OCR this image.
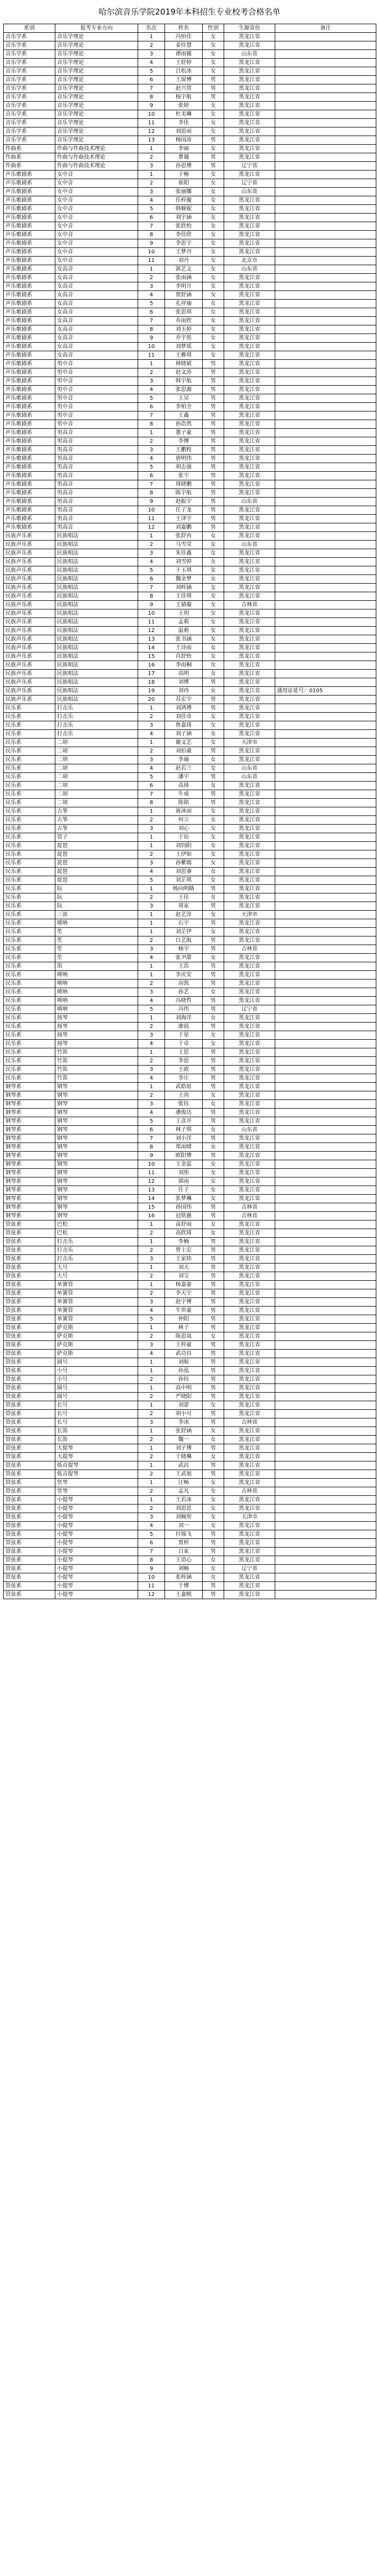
哈尔滨音乐学院2019年本科招生专业校考合格名单
系别	报考专业方向	名次	姓名	性别	生源省份	备注
音乐学系	音乐学理论	1	冯怡佳	女	黑龙江省	
音乐学系	音乐学理论	2	姜佳慧	女	黑龙江省	
音乐学系	音乐学理论	3	谭雨薇	女	山东省	
音乐学系	音乐学理论	4	王舒婷	女	黑龙江省	
音乐学系	音乐学理论	5	吕松冰	女	黑龙江省	
音乐学系	音乐学理论	6	王琼博	男	黑龙江省	
音乐学系	音乐学理论	7	赵兴贺	男	黑龙江省	
音乐学系	音乐学理论	8	杨宇航	男	黑龙江省	
音乐学系	音乐学理论	9	张婷	女	黑龙江省	
音乐学系	音乐学理论	10	杜美琳	女	黑龙江省	
音乐学系	音乐学理论	11	李佳	女	黑龙江省	
音乐学系	音乐学理论	12	刘思雨	女	黑龙江省	
音乐学系	音乐学理论	13	杨国涛	男	黑龙江省	
作曲系	作曲与作曲技术理论	1	李丽	女	黑龙江省	
作曲系	作曲与作曲技术理论	2	曹越	男	黑龙江省	
作曲系	作曲与作曲技术理论	3	孙思博	男	辽宁省	
声乐歌剧系	女中音	1	于畅	女	黑龙江省	
声乐歌剧系	女中音	2	崔阳	女	辽宁省	
声乐歌剧系	女中音	3	张丽娜	女	山东省	
声乐歌剧系	女中音	4	任梓璇	女	黑龙江省	
声乐歌剧系	女中音	5	韩婉妮	女	黑龙江省	
声乐歌剧系	女中音	6	刘宇涵	女	黑龙江省	
声乐歌剧系	女中音	7	张欣怡	女	黑龙江省	
声乐歌剧系	女中音	8	李佳欣	女	黑龙江省	
声乐歌剧系	女中音	9	李思宇	女	黑龙江省	
声乐歌剧系	女中音	10	王梦丹	女	黑龙江省	
声乐歌剧系	女中音	11	刘丹	女	北京市	
声乐歌剧系	女高音	1	郭艺文	女	山东省	
声乐歌剧系	女高音	2	张雨涵	女	黑龙江省	
声乐歌剧系	女高音	3	李明月	女	黑龙江省	
声乐歌剧系	女高音	4	贾舒涵	女	黑龙江省	
声乐歌剧系	女高音	5	孔祥瑜	女	黑龙江省	
声乐歌剧系	女高音	6	张思琪	女	黑龙江省	
声乐歌剧系	女高音	7	乔雨欣	女	黑龙江省	
声乐歌剧系	女高音	8	刘玉婷	女	黑龙江省	
声乐歌剧系	女高音	9	乔宇彤	女	黑龙江省	
声乐歌剧系	女高音	10	刘梦瑶	女	黑龙江省	
声乐歌剧系	女高音	11	王雅琪	女	黑龙江省	
声乐歌剧系	男中音	1	林晓斌	男	黑龙江省	
声乐歌剧系	男中音	2	赵文涛	男	黑龙江省	
声乐歌剧系	男中音	3	韩宇航	男	黑龙江省	
声乐歌剧系	男中音	4	张思源	男	黑龙江省	
声乐歌剧系	男中音	5	王昊	男	黑龙江省	
声乐歌剧系	男中音	6	李柏全	男	黑龙江省	
声乐歌剧系	男中音	7	王鑫	男	黑龙江省	
声乐歌剧系	男中音	8	孙浩然	男	黑龙江省	
声乐歌剧系	男高音	1	董子豪	男	黑龙江省	
声乐歌剧系	男高音	2	李博	男	黑龙江省	
声乐歌剧系	男高音	3	王鹏程	男	黑龙江省	
声乐歌剧系	男高音	4	唐明伟	男	黑龙江省	
声乐歌剧系	男高音	5	胡志强	男	黑龙江省	
声乐歌剧系	男高音	6	张宇	男	黑龙江省	
声乐歌剧系	男高音	7	周晓鹏	男	黑龙江省	
声乐歌剧系	男高音	8	陈宇航	男	黑龙江省	
声乐歌剧系	男高音	9	赵振宇	男	山东省	
声乐歌剧系	男高音	10	任子龙	男	黑龙江省	
声乐歌剧系	男高音	11	王泽宇	男	黑龙江省	
声乐歌剧系	男高音	12	刘嘉鹏	男	黑龙江省	
民族声乐系	民族唱法	1	张舒冉	女	黑龙江省	
民族声乐系	民族唱法	2	马雪莹	女	山东省	
民族声乐系	民族唱法	3	朱佳鑫	女	黑龙江省	
民族声乐系	民族唱法	4	刘雪婷	女	黑龙江省	
民族声乐系	民族唱法	5	于玉琪	女	黑龙江省	
民族声乐系	民族唱法	6	魏金梦	女	黑龙江省	
民族声乐系	民族唱法	7	刘梓涵	女	黑龙江省	
民族声乐系	民族唱法	8	王佳琪	女	黑龙江省	
民族声乐系	民族唱法	9	王婧璇	女	吉林省	
民族声乐系	民族唱法	10	王玥	女	黑龙江省	
民族声乐系	民族唱法	11	孟莉	女	黑龙江省	
民族声乐系	民族唱法	12	温莉	女	黑龙江省	
民族声乐系	民族唱法	13	张书涵	女	黑龙江省	
民族声乐系	民族唱法	14	王诗雨	女	黑龙江省	
民族声乐系	民族唱法	15	肖舒怡	女	黑龙江省	
民族声乐系	民族唱法	16	李雨桐	女	黑龙江省	
民族声乐系	民族唱法	17	高明	女	黑龙江省	
民族声乐系	民族唱法	18	刘博	男	黑龙江省	
民族声乐系	民族唱法	19	刘冉	女	黑龙江省	通用证延号：0105
民族声乐系	民族唱法	20	苏宏宇	男	黑龙江省	
民乐系	打击乐	1	刘鸿博	男	黑龙江省	
民乐系	打击乐	2	刘佳奇	女	黑龙江省	
民乐系	打击乐	3	鲁嘉琦	女	黑龙江省	
民乐系	打击乐	4	刘子涵	女	黑龙江省	
民乐系	二胡	1	谢文艺	女	天津市	
民乐系	二胡	2	刘伯豪	男	黑龙江省	
民乐系	二胡	3	李瑜	女	黑龙江省	
民乐系	二胡	4	赵若兰	女	山东省	
民乐系	二胡	5	潘宇	男	山东省	
民乐系	二胡	6	高琦	女	黑龙江省	
民乐系	二胡	7	牛成	男	黑龙江省	
民乐系	二胡	8	陈铭	男	黑龙江省	
民乐系	古筝	1	蒋沐雨	女	黑龙江省	
民乐系	古筝	2	何立	女	黑龙江省	
民乐系	古筝	3	刘心	女	黑龙江省	
民乐系	管子	1	于宸	女	黑龙江省	
民乐系	琵琶	1	刘钧阳	女	黑龙江省	
民乐系	琵琶	2	王伊如	女	黑龙江省	
民乐系	琵琶	3	孙紫嫣	女	黑龙江省	
民乐系	琵琶	4	刘思睿	女	黑龙江省	
民乐系	琵琶	5	刘芷琪	女	黑龙江省	
民乐系	阮	1	杨向明路	男	黑龙江省	
民乐系	阮	2	王佳	女	黑龙江省	
民乐系	阮	3	周家	男	黑龙江省	
民乐系	三弦	1	赵艺淳	女	天津市	
民乐系	唢呐	1	石宇	男	黑龙江省	
民乐系	笙	1	刘芷伊	女	黑龙江省	
民乐系	笙	2	白艺航	男	黑龙江省	
民乐系	笙	3	杨宇	男	吉林省	
民乐系	笙	4	张尹甜	女	黑龙江省	
民乐系	笛	1	王浩	男	黑龙江省	
民乐系	唢呐	1	李庆安	男	黑龙江省	
民乐系	唢呐	2	房凯	男	黑龙江省	
民乐系	唢呐	3	孙艺	女	黑龙江省	
民乐系	唢呐	4	冯晓哲	男	黑龙江省	
民乐系	唢呐	5	冯伟	男	辽宁省	
民乐系	扬琴	1	刘海洋	女	黑龙江省	
民乐系	扬琴	2	廖晨	男	黑龙江省	
民乐系	扬琴	3	于星	女	黑龙江省	
民乐系	扬琴	4	于卓	女	黑龙江省	
民乐系	竹笛	1	王思	男	黑龙江省	
民乐系	竹笛	2	李思	男	黑龙江省	
民乐系	竹笛	3	王政	男	黑龙江省	
民乐系	竹笛	4	李庄	男	黑龙江省	
钢琴系	钢琴	1	武皓原	男	黑龙江省	
钢琴系	钢琴	2	王尚	女	黑龙江省	
钢琴系	钢琴	3	张钰	女	黑龙江省	
钢琴系	钢琴	4	潘俊达	男	黑龙江省	
钢琴系	钢琴	5	王彦开	男	黑龙江省	
钢琴系	钢琴	6	林子琪	女	山东省	
钢琴系	钢琴	7	刘小洋	男	黑龙江省	
钢琴系	钢琴	8	郑雨晴	女	黑龙江省	
钢琴系	钢琴	9	欧阳博	男	黑龙江省	
钢琴系	钢琴	10	王金蕊	女	黑龙江省	
钢琴系	钢琴	11	刘彤	女	黑龙江省	
钢琴系	钢琴	12	郭雨	女	黑龙江省	
钢琴系	钢琴	13	任子	女	黑龙江省	
钢琴系	钢琴	14	张梦琳	女	黑龙江省	
钢琴系	钢琴	15	孙国伟	男	吉林省	
钢琴系	钢琴	16	冠铭慈	男	吉林省	
管弦系	巴松	1	苗舒雨	女	黑龙江省	
管弦系	巴松	2	高欣琦	女	黑龙江省	
管弦系	打击乐	1	李楠	男	黑龙江省	
管弦系	打击乐	2	曾士宏	男	黑龙江省	
管弦系	打击乐	3	王家炜	男	黑龙江省	
管弦系	大号	1	刘天	男	黑龙江省	
管弦系	大号	2	刘宝	男	黑龙江省	
管弦系	单簧管	1	杨嘉豪	男	黑龙江省	
管弦系	单簧管	2	李天宇	男	黑龙江省	
管弦系	单簧管	3	赵宇博	男	黑龙江省	
管弦系	单簧管	4	牛世豪	男	黑龙江省	
管弦系	单簧管	5	仲阳	男	黑龙江省	
管弦系	萨克斯	1	林子	男	黑龙江省	
管弦系	萨克斯	2	陈思岚	女	黑龙江省	
管弦系	萨克斯	3	王梓豪	男	黑龙江省	
管弦系	萨克斯	4	武功昌	男	黑龙江省	
管弦系	圆号	1	刘航	男	黑龙江省	
管弦系	小号	1	孙泓	男	黑龙江省	
管弦系	小号	2	孙钰	男	黑龙江省	
管弦系	圆号	1	高中明	男	黑龙江省	
管弦系	圆号	2	严晓阳	男	黑龙江省	
管弦系	长号	1	刘蒙	女	黑龙江省	
管弦系	长号	2	胡小可	男	黑龙江省	
管弦系	长号	3	李冰	男	吉林省	
管弦系	长笛	1	张舒涵	女	黑龙江省	
管弦系	长笛	2	魏一	女	黑龙江省	
管弦系	大提琴	1	刘子博	男	黑龙江省	
管弦系	大提琴	2	于晓琳	女	黑龙江省	
管弦系	低音提琴	1	武昌	男	黑龙江省	
管弦系	低音提琴	2	王武旭	男	黑龙江省	
管弦系	竖琴	1	汪畅	女	黑龙江省	
管弦系	竖琴	2	孟凡	女	吉林省	
管弦系	小提琴	1	王若冰	女	黑龙江省	
管弦系	小提琴	2	刘思思	女	黑龙江省	
管弦系	小提琴	3	刘婉彤	女	天津市	
管弦系	小提琴	4	刘一	女	黑龙江省	
管弦系	小提琴	5	付瑞飞	男	黑龙江省	
管弦系	小提琴	6	贾梓	男	黑龙江省	
管弦系	小提琴	7	吕家	男	黑龙江省	
管弦系	小提琴	8	王语心	女	黑龙江省	
管弦系	小提琴	9	刘畅	女	辽宁省	
管弦系	小提琴	10	张梓涵	女	黑龙江省	
管弦系	小提琴	11	于博	男	黑龙江省	
管弦系	小提琴	12	王嘉熙	男	黑龙江省	
